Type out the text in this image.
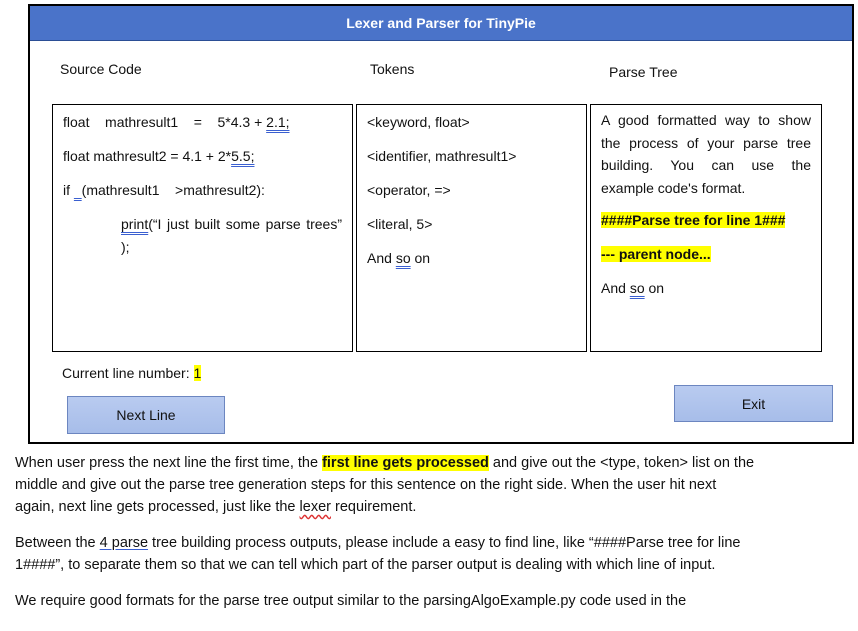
Lexer and Parser for TinyPie
Source Code	Tokens	Parse Tree

float mathresult1 = 5*4.3 + 2.1;

float mathresult2 = 4.1 + 2*5.5;

if (mathresult1 >mathresult2):

print(“I just built some parse trees” );

<keyword, float>

<identifier, mathresult1>

<operator, =>

<literal, 5>

And so on

A good formatted way to show the process of your parse tree building. You can use the example code's format.

####Parse tree for line 1###

--- parent node...

And so on

Current line number: 1
Next Line
Exit

When user press the next line the first time, the first line gets processed and give out the <type, token> list on the middle and give out the parse tree generation steps for this sentence on the right side. When the user hit next again, next line gets processed, just like the lexer requirement.

Between the 4 parse tree building process outputs, please include a easy to find line, like “####Parse tree for line 1####”, to separate them so that we can tell which part of the parser output is dealing with which line of input.

We require good formats for the parse tree output similar to the parsingAlgoExample.py code used in the
